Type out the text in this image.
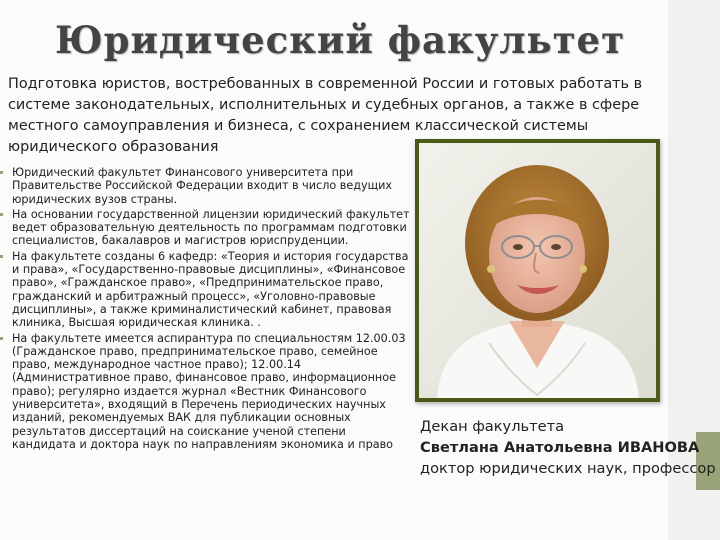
Юридический факультет
Подготовка юристов, востребованных в современной России и готовых работать в системе законодательных, исполнительных и судебных органов, а также в сфере местного самоуправления и бизнеса, с сохранением классической системы юридического образования
Юридический факультет Финансового университета при Правительстве Российской Федерации входит в число ведущих юридических вузов страны.
На основании государственной лицензии юридический факультет ведет образовательную деятельность по программам подготовки специалистов, бакалавров и магистров юриспруденции.
На факультете созданы 6 кафедр: «Теория и история государства и права», «Государственно-правовые дисциплины», «Финансовое право», «Гражданское право», «Предпринимательское право, гражданский и арбитражный процесс», «Уголовно-правовые дисциплины», а также криминалистический кабинет, правовая клиника, Высшая юридическая клиника. .
На факультете имеется аспирантура по специальностям 12.00.03 (Гражданское право, предпринимательское право, семейное право, международное частное право); 12.00.14 (Административное право, финансовое право, информационное право); регулярно издается журнал «Вестник Финансового университета», входящий в Перечень периодических научных изданий, рекомендуемых ВАК для публикации основных результатов диссертаций на соискание ученой степени кандидата и доктора наук по направлениям экономика и право
Декан факультета
Светлана Анатольевна ИВАНОВА
доктор юридических наук, профессор
